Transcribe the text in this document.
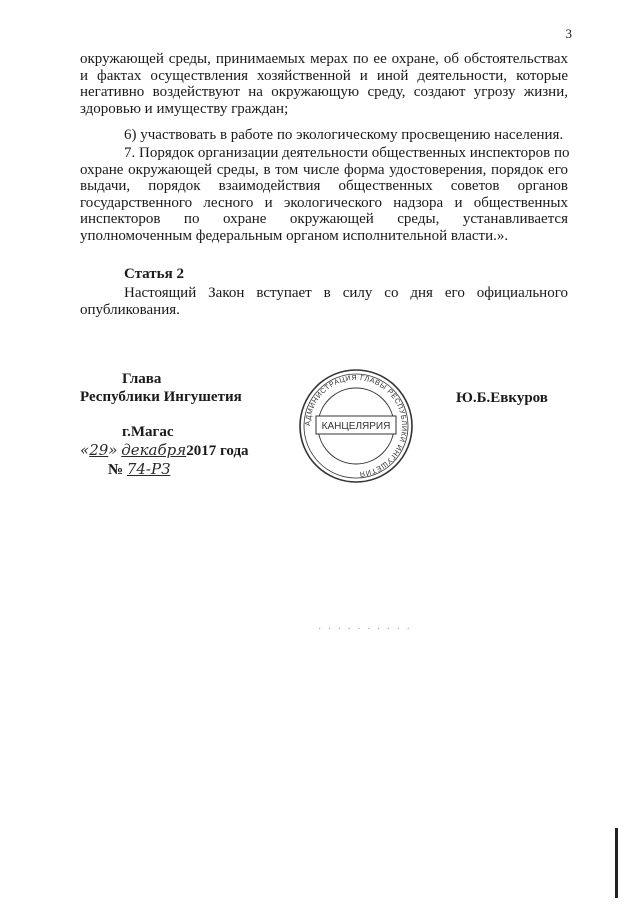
3
окружающей среды, принимаемых мерах по ее охране, об обстоятельствах
и фактах осуществления хозяйственной и иной деятельности, которые
негативно воздействуют на окружающую среду, создают угрозу жизни,
здоровью и имуществу граждан;
6) участвовать в работе по экологическому просвещению населения.
7. Порядок организации деятельности общественных инспекторов по
охране окружающей среды, в том числе форма удостоверения, порядок его
выдачи, порядок взаимодействия общественных советов органов
государственного лесного и экологического надзора и общественных
инспекторов по охране окружающей среды, устанавливается
уполномоченным федеральным органом исполнительной власти.».
Статья 2
Настоящий Закон вступает в силу со дня его официального
опубликования.
Глава
Республики Ингушетия	Ю.Б.Евкуров
г.Магас
«29» декабря2017 года
№ 74-РЗ
АДМИНИСТРАЦИЯ ГЛАВЫ РЕСПУБЛИКИ ИНГУШЕТИЯ
КАНЦЕЛЯРИЯ
· · · · · · · · · ·
